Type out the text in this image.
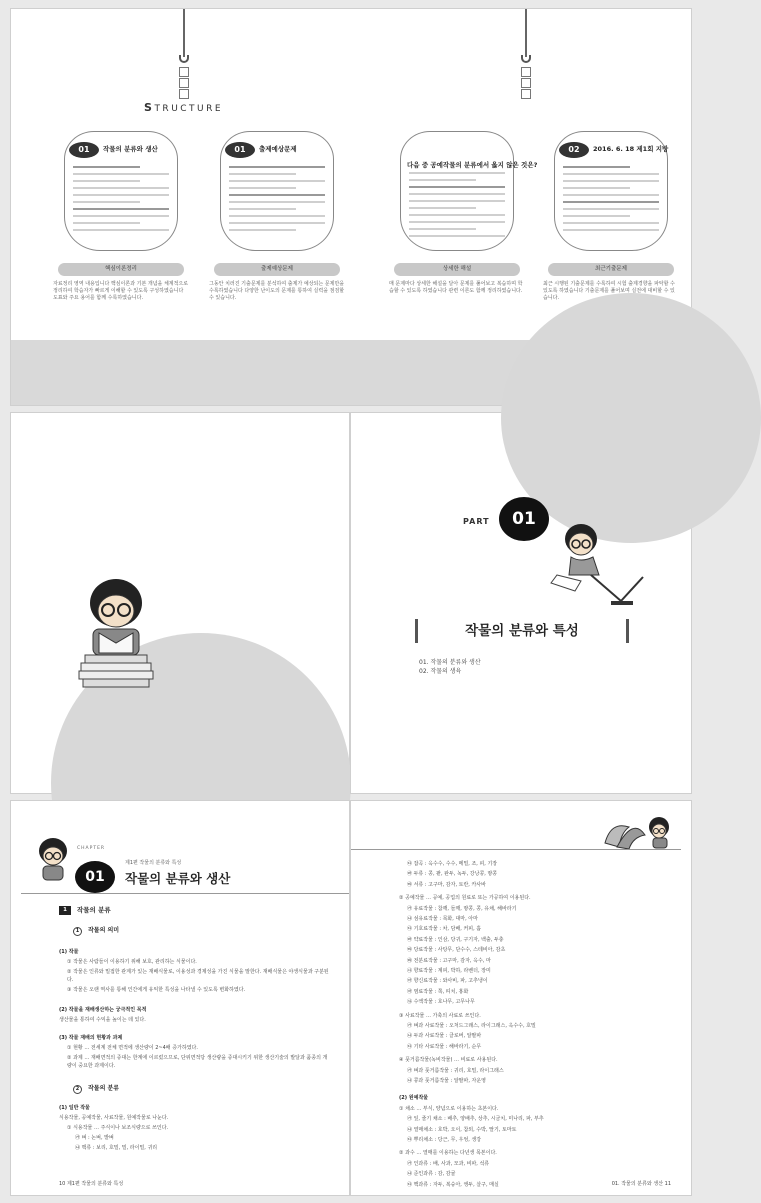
STRUCTURE
01	작물의 분류와 생산
핵심이론정리
자료정리 영역 내용입니다 핵심이론과 기본 개념을 체계적으로 정리하여 학습자가 빠르게 이해할 수 있도록 구성하였습니다 도표와 주요 용어를 함께 수록하였습니다.
01	출제예상문제
출제예상문제
그동안 치러진 기출문제를 분석하여 출제가 예상되는 문제만을 수록하였습니다 다양한 난이도의 문제를 통하여 실력을 점검할 수 있습니다.
다음 중 공예작물의 분류에서 옳지 않은 것은?
상세한 해설
매 문제마다 상세한 해설을 달아 문제를 풀어보고 복습하며 학습할 수 있도록 하였습니다 관련 이론도 함께 정리하였습니다.
02	2016. 6. 18 제1회 지방
최근기출문제
최근 시행된 기출문제를 수록하여 시험 출제경향을 파악할 수 있도록 하였습니다 기출문제를 풀어보며 실전에 대비할 수 있습니다.
PART	01
작물의 분류와 특성
01. 작물의 분류와 생산
02. 작물의 생육
CHAPTER
01
제1편 작물의 분류와 특성
작물의 분류와 생산
1 작물의 분류
1 작물의 의미
(1) 작물
① 작물은 사람들이 이용하기 위해 보호, 관리하는 식물이다.
② 작물은 인류와 밀접한 관계가 있는 재배식물로, 이용성과 경제성을 가진 식물을 말한다. 재배식물은 야생식물과 구분된다.
③ 작물은 오랜 역사를 통해 인간에게 유익한 특성을 나타낼 수 있도록 변화하였다.
(2) 작물을 재배생산하는 궁극적인 목적
생산물을 통하여 수익을 높이는 데 있다.
(3) 작물 재배의 현황과 과제
① 현황 … 전세계 전체 면적에 생산량이 2~4배 증가하였다.
② 과제 … 재배면적의 증대는 한계에 이르렀으므로, 단위면적당 생산량을 증대시키기 위한 생산기술의 발달과 품종의 개량이 중요한 과제이다.
2 작물의 분류
(1) 일반 작물
식용작물, 공예작물, 사료작물, 원예작물로 나눈다.
① 식용작물 … 주식이나 보조식량으로 쓰인다.
㉮ 벼 : 논벼, 밭벼
㉯ 맥류 : 보리, 호밀, 밀, 라이밀, 귀리
10 제1편 작물의 분류와 특성
㉰ 잡곡 : 옥수수, 수수, 메밀, 조, 피, 기장
㉱ 두류 : 콩, 팥, 완두, 녹두, 강낭콩, 땅콩
㉲ 서류 : 고구마, 감자, 토란, 카사바
② 공예작물 … 공예, 공업의 원료로 또는 가공하여 이용된다.
㉮ 유료작물 : 참깨, 들깨, 땅콩, 콩, 유채, 해바라기
㉯ 섬유료작물 : 목화, 대마, 아마
㉰ 기호료작물 : 차, 담배, 커피, 홉
㉱ 약료작물 : 인삼, 당귀, 구기자, 백출, 두충
㉲ 당료작물 : 사탕무, 단수수, 스테비아, 감초
㉳ 전분료작물 : 고구마, 감자, 옥수, 마
㉴ 향료작물 : 계피, 박하, 라벤더, 장미
㉵ 향신료작물 : 와사비, 파, 고추냉이
㉶ 염료작물 : 쪽, 띠치, 홍화
㉷ 수액작물 : 호나무, 고무나무
③ 사료작물 … 가축의 사료로 쓰인다.
㉮ 벼과 사료작물 : 오처드그래스, 라이그래스, 옥수수, 호밀
㉯ 두과 사료작물 : 클로버, 알팔파
㉰ 기타 사료작물 : 해바라기, 순무
④ 풋거름작물(녹비작물) … 비료로 사용된다.
㉮ 벼과 풋거름작물 : 귀리, 호밀, 라이그래스
㉯ 콩과 풋거름작물 : 알팔파, 자운영
(2) 원예작물
① 채소 … 부식, 양념으로 이용하는 초본이다.
㉮ 잎, 줄기 채소 : 배추, 양배추, 상추, 시금치, 미나리, 파, 부추
㉯ 열매채소 : 호박, 오이, 참외, 수박, 딸기, 토마토
㉰ 뿌리채소 : 당근, 무, 우엉, 생강
② 과수 … 열매를 이용하는 다년생 목본이다.
㉮ 인과류 : 배, 사과, 모과, 비파, 석류
㉯ 준인과류 : 감, 감귤
㉰ 핵과류 : 자두, 복숭아, 앵두, 살구, 매실	01. 작물의 분류와 생산 11
